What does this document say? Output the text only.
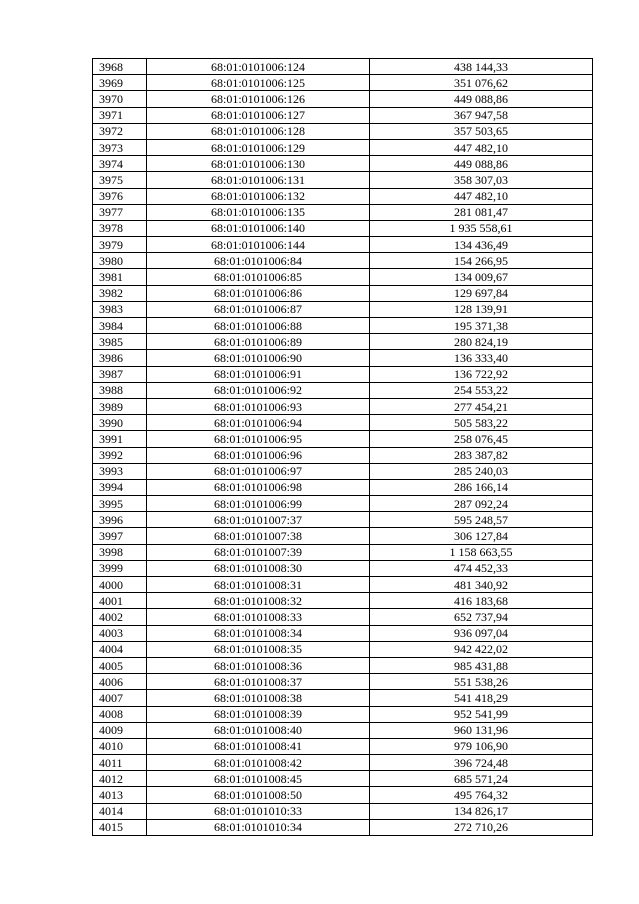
3968	68:01:0101006:124	438 144,33
3969	68:01:0101006:125	351 076,62
3970	68:01:0101006:126	449 088,86
3971	68:01:0101006:127	367 947,58
3972	68:01:0101006:128	357 503,65
3973	68:01:0101006:129	447 482,10
3974	68:01:0101006:130	449 088,86
3975	68:01:0101006:131	358 307,03
3976	68:01:0101006:132	447 482,10
3977	68:01:0101006:135	281 081,47
3978	68:01:0101006:140	1 935 558,61
3979	68:01:0101006:144	134 436,49
3980	68:01:0101006:84	154 266,95
3981	68:01:0101006:85	134 009,67
3982	68:01:0101006:86	129 697,84
3983	68:01:0101006:87	128 139,91
3984	68:01:0101006:88	195 371,38
3985	68:01:0101006:89	280 824,19
3986	68:01:0101006:90	136 333,40
3987	68:01:0101006:91	136 722,92
3988	68:01:0101006:92	254 553,22
3989	68:01:0101006:93	277 454,21
3990	68:01:0101006:94	505 583,22
3991	68:01:0101006:95	258 076,45
3992	68:01:0101006:96	283 387,82
3993	68:01:0101006:97	285 240,03
3994	68:01:0101006:98	286 166,14
3995	68:01:0101006:99	287 092,24
3996	68:01:0101007:37	595 248,57
3997	68:01:0101007:38	306 127,84
3998	68:01:0101007:39	1 158 663,55
3999	68:01:0101008:30	474 452,33
4000	68:01:0101008:31	481 340,92
4001	68:01:0101008:32	416 183,68
4002	68:01:0101008:33	652 737,94
4003	68:01:0101008:34	936 097,04
4004	68:01:0101008:35	942 422,02
4005	68:01:0101008:36	985 431,88
4006	68:01:0101008:37	551 538,26
4007	68:01:0101008:38	541 418,29
4008	68:01:0101008:39	952 541,99
4009	68:01:0101008:40	960 131,96
4010	68:01:0101008:41	979 106,90
4011	68:01:0101008:42	396 724,48
4012	68:01:0101008:45	685 571,24
4013	68:01:0101008:50	495 764,32
4014	68:01:0101010:33	134 826,17
4015	68:01:0101010:34	272 710,26
